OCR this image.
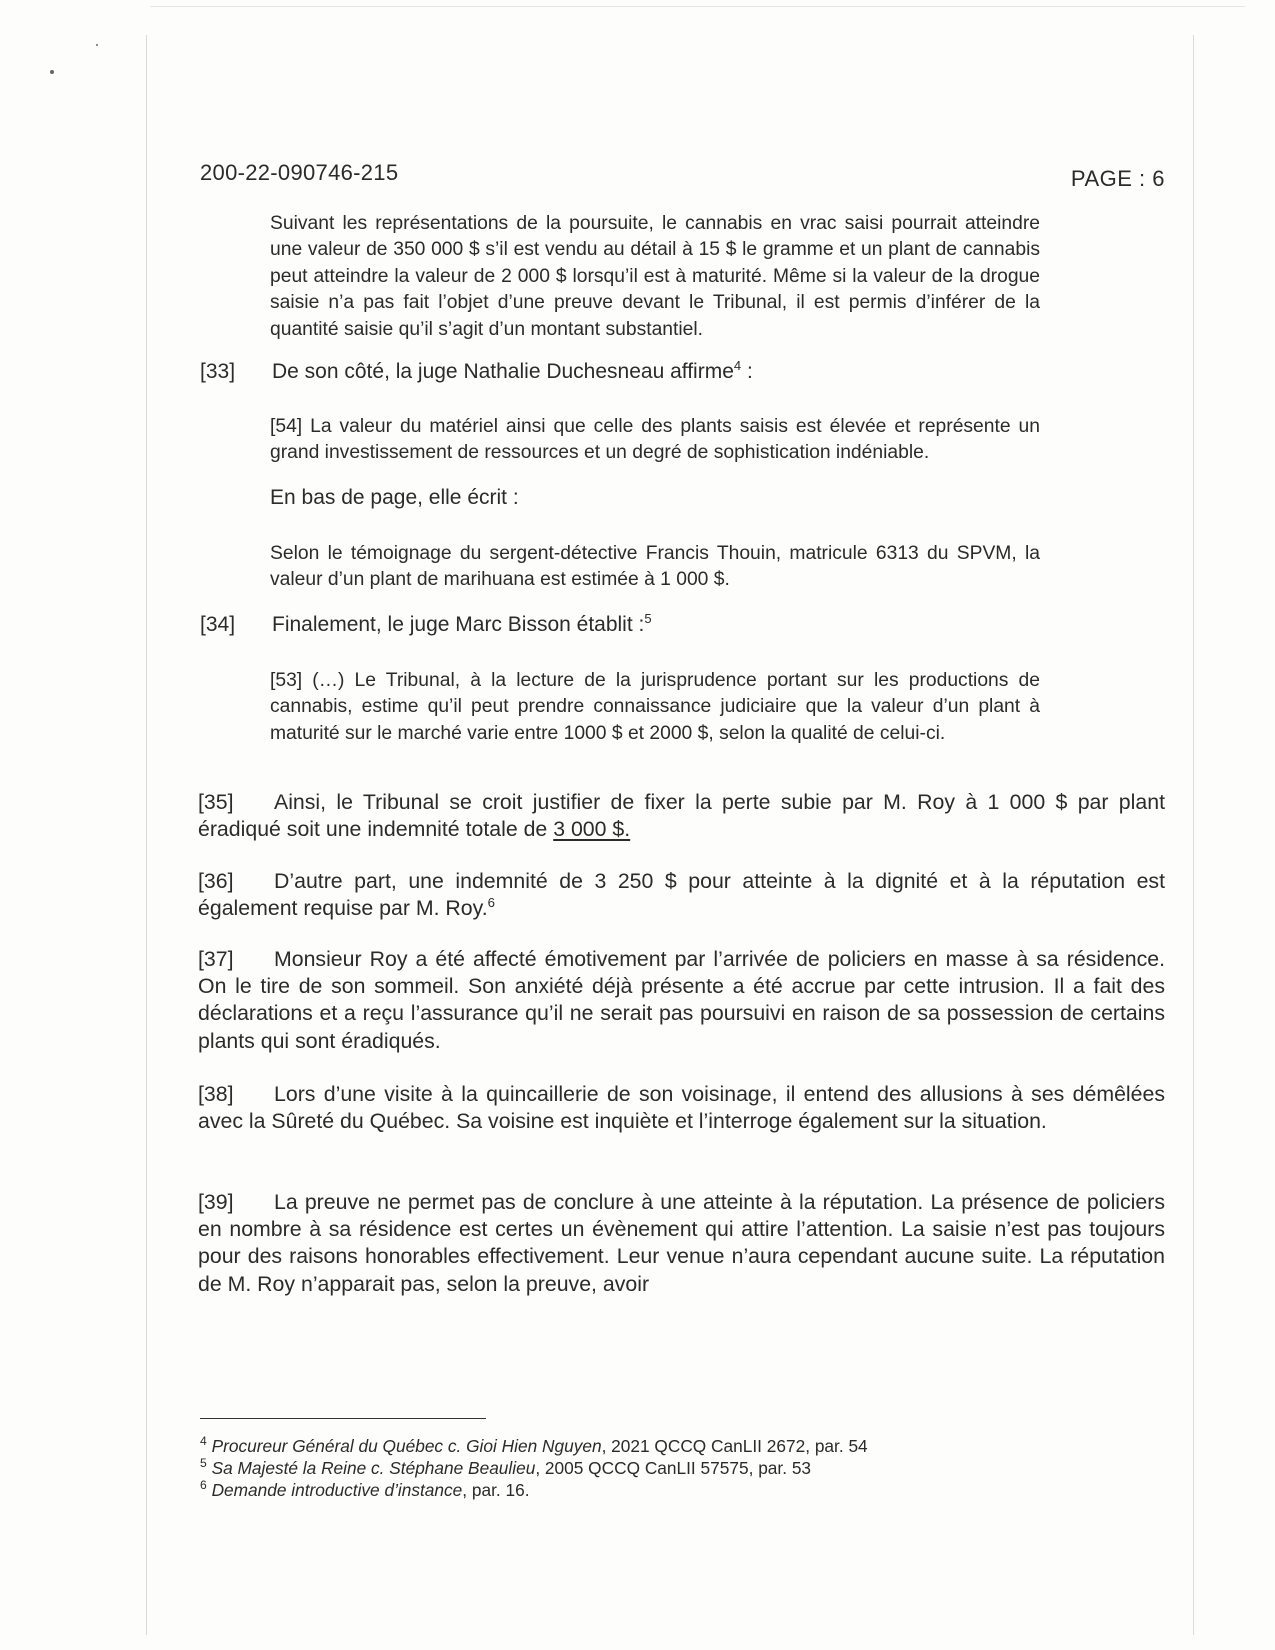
200-22-090746-215	PAGE : 6
Suivant les représentations de la poursuite, le cannabis en vrac saisi pourrait atteindre une valeur de 350 000 $ s’il est vendu au détail à 15 $ le gramme et un plant de cannabis peut atteindre la valeur de 2 000 $ lorsqu’il est à maturité. Même si la valeur de la drogue saisie n’a pas fait l’objet d’une preuve devant le Tribunal, il est permis d’inférer de la quantité saisie qu’il s’agit d’un montant substantiel.
[33] De son côté, la juge Nathalie Duchesneau affirme$^4$ :
[54] La valeur du matériel ainsi que celle des plants saisis est élevée et représente un grand investissement de ressources et un degré de sophistication indéniable.
En bas de page, elle écrit :
Selon le témoignage du sergent-détective Francis Thouin, matricule 6313 du SPVM, la valeur d’un plant de marihuana est estimée à 1 000 $.
[34] Finalement, le juge Marc Bisson établit :$^5$
[53] (…) Le Tribunal, à la lecture de la jurisprudence portant sur les productions de cannabis, estime qu’il peut prendre connaissance judiciaire que la valeur d’un plant à maturité sur le marché varie entre 1000 $ et 2000 $, selon la qualité de celui-ci.
[35] Ainsi, le Tribunal se croit justifier de fixer la perte subie par M. Roy à 1 000 $ par plant éradiqué soit une indemnité totale de 3 000 $.
[36] D’autre part, une indemnité de 3 250 $ pour atteinte à la dignité et à la réputation est également requise par M. Roy.$^6$
[37] Monsieur Roy a été affecté émotivement par l’arrivée de policiers en masse à sa résidence. On le tire de son sommeil. Son anxiété déjà présente a été accrue par cette intrusion. Il a fait des déclarations et a reçu l’assurance qu’il ne serait pas poursuivi en raison de sa possession de certains plants qui sont éradiqués.
[38] Lors d’une visite à la quincaillerie de son voisinage, il entend des allusions à ses démêlées avec la Sûreté du Québec. Sa voisine est inquiète et l’interroge également sur la situation.
[39] La preuve ne permet pas de conclure à une atteinte à la réputation. La présence de policiers en nombre à sa résidence est certes un évènement qui attire l’attention. La saisie n’est pas toujours pour des raisons honorables effectivement. Leur venue n’aura cependant aucune suite. La réputation de M. Roy n’apparait pas, selon la preuve, avoir
$^4$ Procureur Général du Québec c. Gioi Hien Nguyen, 2021 QCCQ CanLII 2672, par. 54
$^5$ Sa Majesté la Reine c. Stéphane Beaulieu, 2005 QCCQ CanLII 57575, par. 53
$^6$ Demande introductive d’instance, par. 16.
